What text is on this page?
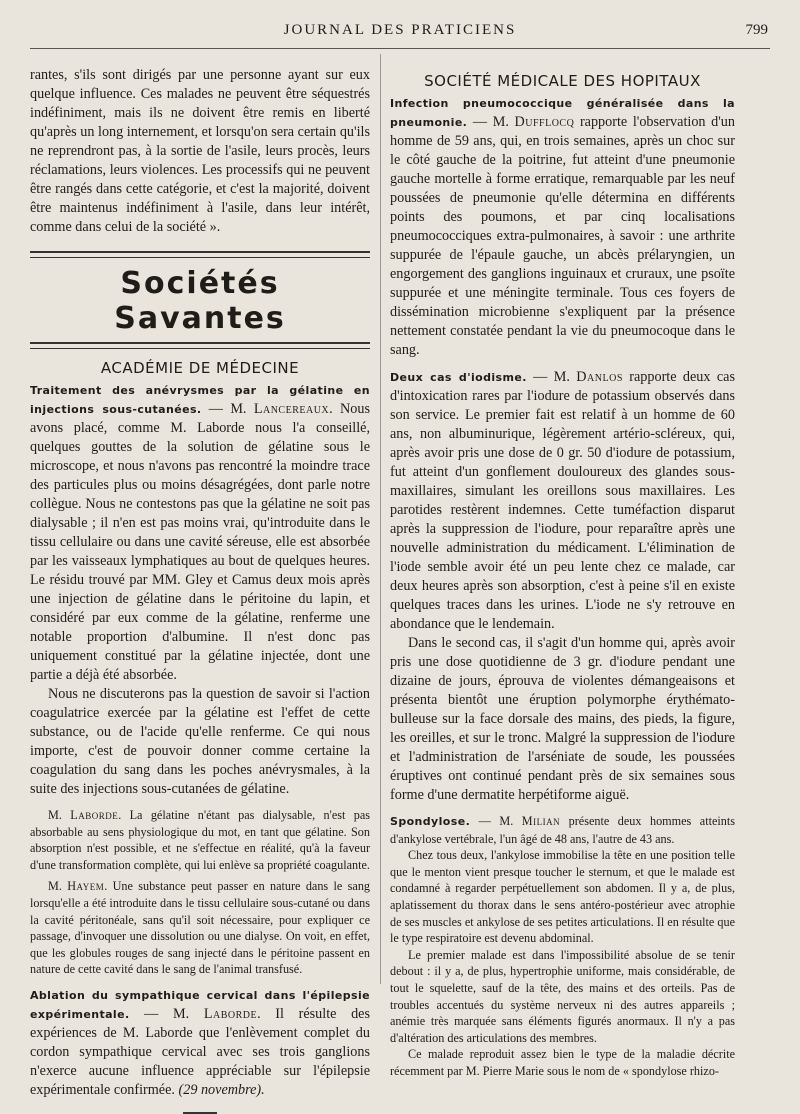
JOURNAL DES PRATICIENS	799

rantes, s'ils sont dirigés par une personne ayant sur eux quelque influence. Ces malades ne peuvent être séquestrés indéfiniment, mais ils ne doivent être remis en liberté qu'après un long internement, et lorsqu'on sera certain qu'ils ne reprendront pas, à la sortie de l'asile, leurs procès, leurs réclamations, leurs violences. Les processifs qui ne peuvent être rangés dans cette catégorie, et c'est la majorité, doivent être maintenus indéfiniment à l'asile, dans leur intérêt, comme dans celui de la société ».

Sociétés Savantes
ACADÉMIE DE MÉDECINE

Traitement des anévrysmes par la gélatine en injections sous-cutanées. — M. Lancereaux. Nous avons placé, comme M. Laborde nous l'a conseillé, quelques gouttes de la solution de gélatine sous le microscope, et nous n'avons pas rencontré la moindre trace des particules plus ou moins désagrégées, dont parle notre collègue. Nous ne contestons pas que la gélatine ne soit pas dialysable ; il n'en est pas moins vrai, qu'introduite dans le tissu cellulaire ou dans une cavité séreuse, elle est absorbée par les vaisseaux lymphatiques au bout de quelques heures. Le résidu trouvé par MM. Gley et Camus deux mois après une injection de gélatine dans le péritoine du lapin, et considéré par eux comme de la gélatine, renferme une notable proportion d'albumine. Il n'est donc pas uniquement constitué par la gélatine injectée, dont une partie a déjà été absorbée.

Nous ne discuterons pas la question de savoir si l'action coagulatrice exercée par la gélatine est l'effet de cette substance, ou de l'acide qu'elle renferme. Ce qui nous importe, c'est de pouvoir donner comme certaine la coagulation du sang dans les poches anévrysmales, à la suite des injections sous-cutanées de gélatine.

M. Laborde. La gélatine n'étant pas dialysable, n'est pas absorbable au sens physiologique du mot, en tant que gélatine. Son absorption n'est possible, et ne s'effectue en réalité, qu'à la faveur d'une transformation complète, qui lui enlève sa propriété coagulante.

M. Hayem. Une substance peut passer en nature dans le sang lorsqu'elle a été introduite dans le tissu cellulaire sous-cutané ou dans la cavité péritonéale, sans qu'il soit nécessaire, pour expliquer ce passage, d'invoquer une dissolution ou une dialyse. On voit, en effet, que les globules rouges de sang injecté dans le péritoine passent en nature de cette cavité dans le sang de l'animal transfusé.

Ablation du sympathique cervical dans l'épilepsie expérimentale. — M. Laborde. Il résulte des expériences de M. Laborde que l'enlèvement complet du cordon sympathique cervical avec ses trois ganglions n'exerce aucune influence appréciable sur l'épilepsie expérimentale confirmée. (29 novembre).

SOCIÉTÉ MÉDICALE DES HOPITAUX

Infection pneumococcique généralisée dans la pneumonie. — M. Dufflocq rapporte l'observation d'un homme de 59 ans, qui, en trois semaines, après un choc sur le côté gauche de la poitrine, fut atteint d'une pneumonie gauche mortelle à forme erratique, remarquable par les neuf poussées de pneumonie qu'elle détermina en différents points des poumons, et par cinq localisations pneumococciques extra-pulmonaires, à savoir : une arthrite suppurée de l'épaule gauche, un abcès prélaryngien, un engorgement des ganglions inguinaux et cruraux, une psoïte suppurée et une méningite terminale. Tous ces foyers de dissémination microbienne s'expliquent par la présence nettement constatée pendant la vie du pneumocoque dans le sang.

Deux cas d'iodisme. — M. Danlos rapporte deux cas d'intoxication rares par l'iodure de potassium observés dans son service. Le premier fait est relatif à un homme de 60 ans, non albuminurique, légèrement artério-scléreux, qui, après avoir pris une dose de 0 gr. 50 d'iodure de potassium, fut atteint d'un gonflement douloureux des glandes sous-maxillaires, simulant les oreillons sous maxillaires. Les parotides restèrent indemnes. Cette tuméfaction disparut après la suppression de l'iodure, pour reparaître après une nouvelle administration du médicament. L'élimination de l'iode semble avoir été un peu lente chez ce malade, car deux heures après son absorption, c'est à peine s'il en existe quelques traces dans les urines. L'iode ne s'y retrouve en abondance que le lendemain.

Dans le second cas, il s'agit d'un homme qui, après avoir pris une dose quotidienne de 3 gr. d'iodure pendant une dizaine de jours, éprouva de violentes démangeaisons et présenta bientôt une éruption polymorphe érythémato-bulleuse sur la face dorsale des mains, des pieds, la figure, les oreilles, et sur le tronc. Malgré la suppression de l'iodure et l'administration de l'arséniate de soude, les poussées éruptives ont continué pendant près de six semaines sous forme d'une dermatite herpétiforme aiguë.

Spondylose. — M. Milian présente deux hommes atteints d'ankylose vertébrale, l'un âgé de 48 ans, l'autre de 43 ans.

Chez tous deux, l'ankylose immobilise la tête en une position telle que le menton vient presque toucher le sternum, et que le malade est condamné à regarder perpétuellement son abdomen. Il y a, de plus, aplatissement du thorax dans le sens antéro-postérieur avec atrophie de ses muscles et ankylose de ses petites articulations. Il en résulte que le type respiratoire est devenu abdominal.

Le premier malade est dans l'impossibilité absolue de se tenir debout : il y a, de plus, hypertrophie uniforme, mais considérable, de tout le squelette, sauf de la tête, des mains et des orteils. Pas de troubles accentués du système nerveux ni des autres appareils ; anémie très marquée sans éléments figurés anormaux. Il n'y a pas d'altération des articulations des membres.

Ce malade reproduit assez bien le type de la maladie décrite récemment par M. Pierre Marie sous le nom de « spondylose rhizo-
